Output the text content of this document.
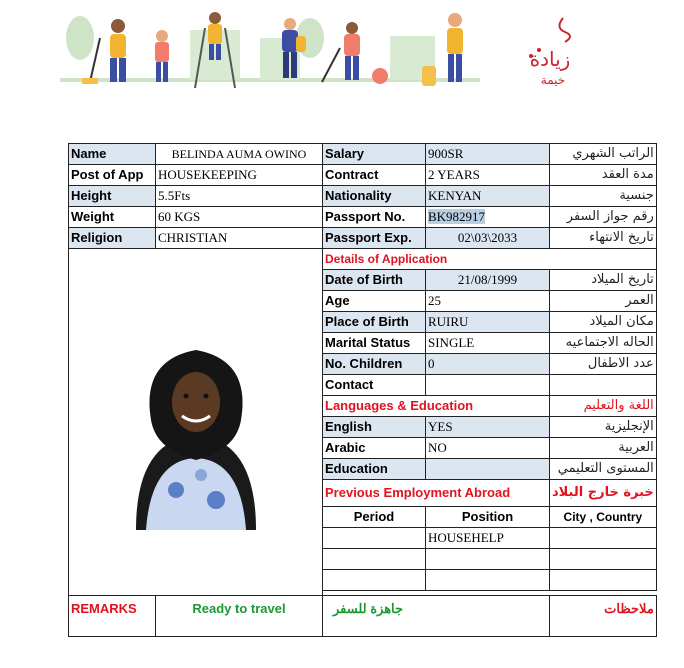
زيادة
خيمة
Name	BELINDA AUMA OWINO	Salary	900SR	الراتب الشهري
Post of App	HOUSEKEEPING	Contract	2 YEARS	مدة العقد
Height	5.5Fts	Nationality	KENYAN	جنسية
Weight	60 KGS	Passport No.	BK982917	رقم جواز السفر
Religion	CHRISTIAN	Passport Exp.	02\03\2033	تاريخ الانتهاء
	Details of Application		
		Date of Birth	21/08/1999	تاريخ الميلاد
		Age	25	العمر
		Place of Birth	RUIRU	مكان الميلاد
		Marital Status	SINGLE	الحاله الاجتماعيه
		No. Children	0	عدد الاطفال
		Contact		
		Languages & Education		اللغة والتعليم
		English	YES	الإنجليزية
		Arabic	NO	العربية
		Education		المستوى التعليمي
		Previous Employment Abroad		خبرة خارج البلاد
		Period	Position	City , Country
			HOUSEHELP	

REMARKS	Ready to travel	جاهزة للسفر		ملاحظات
